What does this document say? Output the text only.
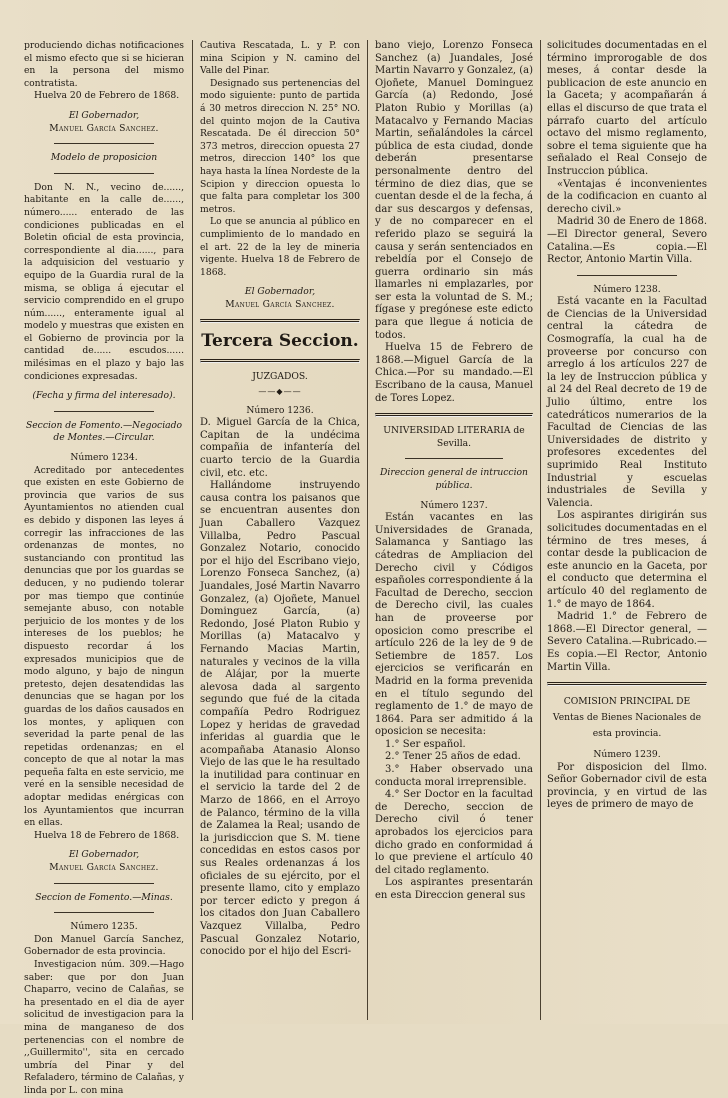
produciendo dichas notificaciones el mismo efecto que si se hicieran en la persona del mismo contratista.

Huelva 20 de Febrero de 1868.

El Gobernador,

Manuel García Sanchez.

Modelo de proposicion

Don N. N., vecino de......, habitante en la calle de......, número...... enterado de las condiciones publicadas en el Boletin oficial de esta provincia, correspondiente al dia......, para la adquisicion del vestuario y equipo de la Guardia rural de la misma, se obliga á ejecutar el servicio comprendido en el grupo núm......, enteramente igual al modelo y muestras que existen en el Gobierno de provincia por la cantidad de...... escudos...... milésimas en el plazo y bajo las condiciones expresadas.

(Fecha y firma del interesado).

Seccion de Fomento.—Negociado de Montes.—Circular.

Número 1234.

Acreditado por antecedentes que existen en este Gobierno de provincia que varios de sus Ayuntamientos no atienden cual es debido y disponen las leyes á corregir las infracciones de las ordenanzas de montes, no sustanciando con prontitud las denuncias que por los guardas se deducen, y no pudiendo tolerar por mas tiempo que continúe semejante abuso, con notable perjuicio de los montes y de los intereses de los pueblos; he dispuesto recordar á los expresados municipios que de modo alguno, y bajo de ningun pretesto, dejen desatendidas las denuncias que se hagan por los guardas de los daños causados en los montes, y apliquen con severidad la parte penal de las repetidas ordenanzas; en el concepto de que al notar la mas pequeña falta en este servicio, me veré en la sensible necesidad de adoptar medidas enérgicas con los Ayuntamientos que incurran en ellas.

Huelva 18 de Febrero de 1868.

El Gobernador,

Manuel García Sanchez.

Seccion de Fomento.—Minas.

Número 1235.

Don Manuel García Sanchez, Gobernador de esta provincia.

Investigacion núm. 309.—Hago saber: que por don Juan Chaparro, vecino de Calañas, se ha presentado en el dia de ayer solicitud de investigacion para la mina de manganeso de dos pertenencias con el nombre de ,,Guillermito'', sita en cercado umbría del Pinar y del Refaladero, término de Calañas, y linda por L. con mina

Cautiva Rescatada, L. y P. con mina Scipion y N. camino del Valle del Pinar.

Designado sus pertenencias del modo siguiente: punto de partida á 30 metros direccion N. 25° NO. del quinto mojon de la Cautiva Rescatada. De él direccion 50° 373 metros, direccion opuesta 27 metros, direccion 140° los que haya hasta la línea Nordeste de la Scipion y direccion opuesta lo que falta para completar los 300 metros.

Lo que se anuncia al público en cumplimiento de lo mandado en el art. 22 de la ley de mineria vigente. Huelva 18 de Febrero de 1868.

El Gobernador,

Manuel García Sanchez.

Tercera Seccion.

JUZGADOS.

——◆——

Número 1236.

D. Miguel García de la Chica, Capitan de la undécima compañia de infantería del cuarto tercio de la Guardia civil, etc. etc.

Hallándome instruyendo causa contra los paisanos que se encuentran ausentes don Juan Caballero Vazquez Villalba, Pedro Pascual Gonzalez Notario, conocido por el hijo del Escribano viejo, Lorenzo Fonseca Sanchez, (a) Juandales, José Martin Navarro Gonzalez, (a) Ojoñete, Manuel Dominguez García, (a) Redondo, José Platon Rubio y Morillas (a) Matacalvo y Fernando Macias Martin, naturales y vecinos de la villa de Alájar, por la muerte alevosa dada al sargento segundo que fué de la citada compañía Pedro Rodriguez Lopez y heridas de gravedad inferidas al guardia que le acompañaba Atanasio Alonso Viejo de las que le ha resultado la inutilidad para continuar en el servicio la tarde del 2 de Marzo de 1866, en el Arroyo de Palanco, término de la villa de Zalamea la Real; usando de la jurisdiccion que S. M. tiene concedidas en estos casos por sus Reales ordenanzas á los oficiales de su ejército, por el presente llamo, cito y emplazo por tercer edicto y pregon á los citados don Juan Caballero Vazquez Villalba, Pedro Pascual Gonzalez Notario, conocido por el hijo del Escri-

bano viejo, Lorenzo Fonseca Sanchez (a) Juandales, José Martin Navarro y Gonzalez, (a) Ojoñete, Manuel Dominguez García (a) Redondo, José Platon Rubio y Morillas (a) Matacalvo y Fernando Macias Martin, señalándoles la cárcel pública de esta ciudad, donde deberán presentarse personalmente dentro del término de diez dias, que se cuentan desde el de la fecha, á dar sus descargos y defensas, y de no comparecer en el referido plazo se seguirá la causa y serán sentenciados en rebeldía por el Consejo de guerra ordinario sin más llamarles ni emplazarles, por ser esta la voluntad de S. M.; fígase y pregónese este edicto para que llegue á noticia de todos.

Huelva 15 de Febrero de 1868.—Miguel García de la Chica.—Por su mandado.—El Escribano de la causa, Manuel de Tores Lopez.

UNIVERSIDAD LITERARIA de Sevilla.

Direccion general de intruccion pública.

Número 1237.

Están vacantes en las Universidades de Granada, Salamanca y Santiago las cátedras de Ampliacion del Derecho civil y Códigos españoles correspondiente á la Facultad de Derecho, seccion de Derecho civil, las cuales han de proveerse por oposicion como prescribe el artículo 226 de la ley de 9 de Setiembre de 1857. Los ejercicios se verificarán en Madrid en la forma prevenida en el título segundo del reglamento de 1.° de mayo de 1864. Para ser admitido á la oposicion se necesita:

1.° Ser español.

2.° Tener 25 años de edad.

3.° Haber observado una conducta moral irreprensible.

4.° Ser Doctor en la facultad de Derecho, seccion de Derecho civil ó tener aprobados los ejercicios para dicho grado en conformidad á lo que previene el artículo 40 del citado reglamento.

Los aspirantes presentarán en esta Direccion general sus

solicitudes documentadas en el término improrogable de dos meses, á contar desde la publicacion de este anuncio en la Gaceta; y acompañarán á ellas el discurso de que trata el párrafo cuarto del artículo octavo del mismo reglamento, sobre el tema siguiente que ha señalado el Real Consejo de Instruccion pública.

«Ventajas é inconvenientes de la codificacion en cuanto al derecho civil.»

Madrid 30 de Enero de 1868.—El Director general, Severo Catalina.—Es copia.—El Rector, Antonio Martin Villa.

Número 1238.

Está vacante en la Facultad de Ciencias de la Universidad central la cátedra de Cosmografía, la cual ha de proveerse por concurso con arreglo á los artículos 227 de la ley de Instruccion pública y al 24 del Real decreto de 19 de Julio último, entre los catedráticos numerarios de la Facultad de Ciencias de las Universidades de distrito y profesores excedentes del suprimido Real Instituto Industrial y escuelas industriales de Sevilla y Valencia.

Los aspirantes dirigirán sus solicitudes documentadas en el término de tres meses, á contar desde la publicacion de este anuncio en la Gaceta, por el conducto que determina el artículo 40 del reglamento de 1.° de mayo de 1864.

Madrid 1.° de Febrero de 1868.—El Director general, —Severo Catalina.—Rubricado.—Es copia.—El Rector, Antonio Martin Villa.

COMISION PRINCIPAL DE Ventas de Bienes Nacionales de esta provincia.

Número 1239.

Por disposicion del Ilmo. Señor Gobernador civil de esta provincia, y en virtud de las leyes de primero de mayo de
